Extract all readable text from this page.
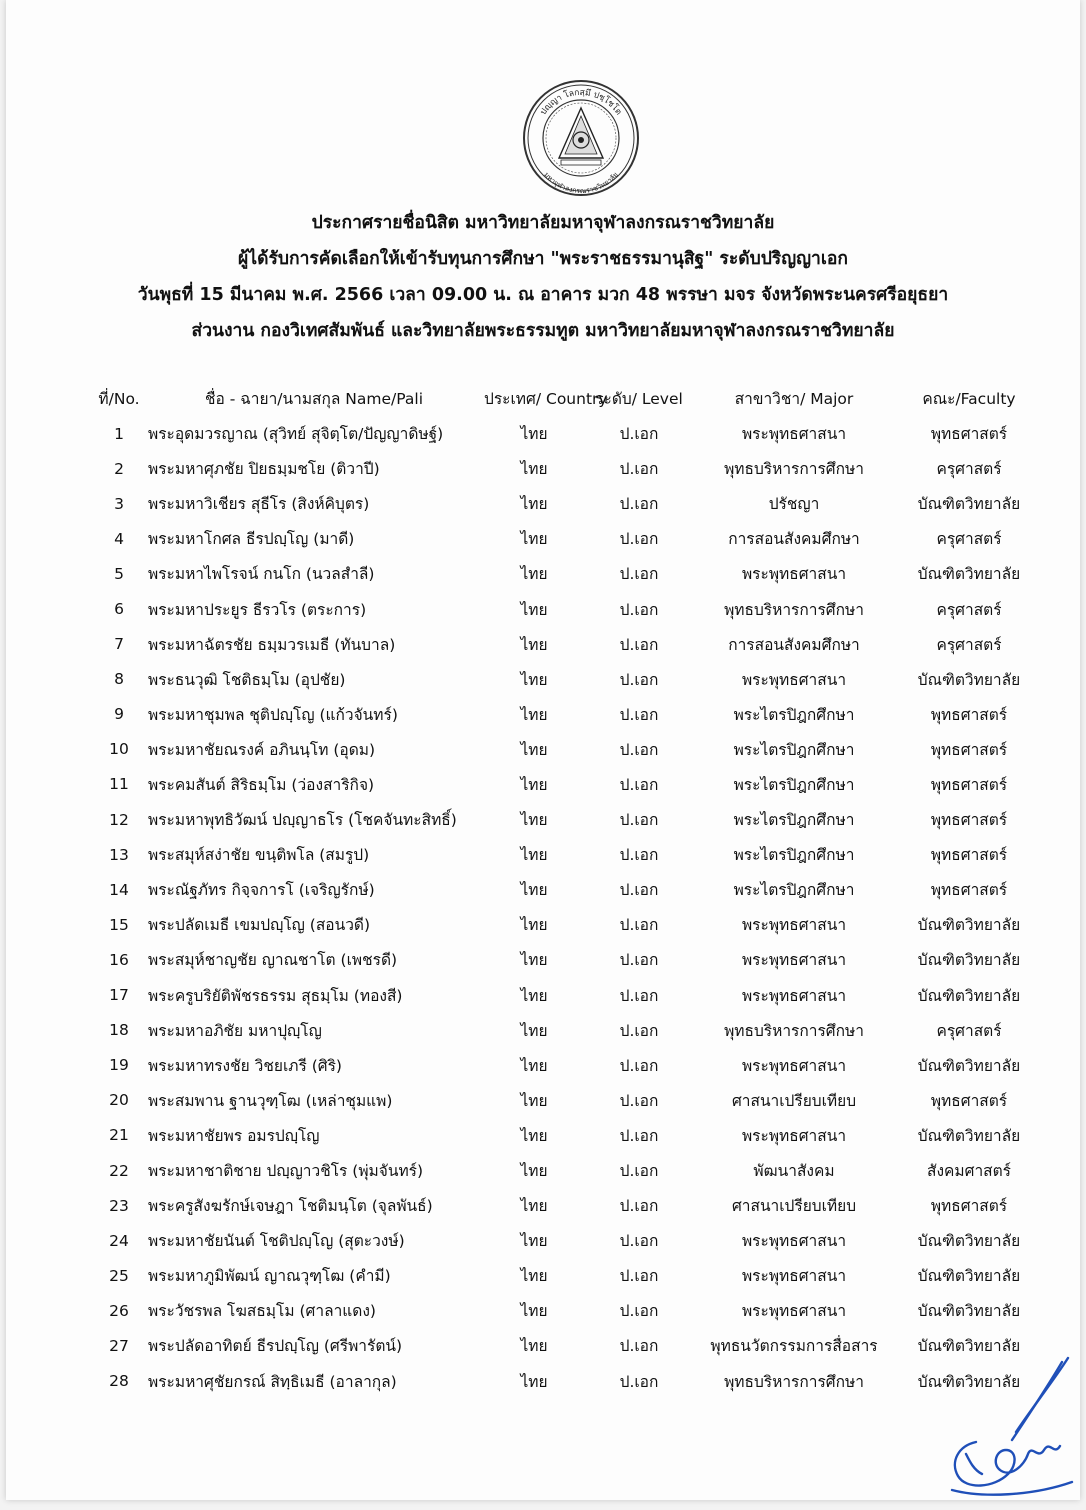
ปญฺญา โลกสฺมึ ปชฺโชโต
มหาจุฬาลงกรณราชวิทยาลัย
ประกาศรายชื่อนิสิต มหาวิทยาลัยมหาจุฬาลงกรณราชวิทยาลัย
ผู้ได้รับการคัดเลือกให้เข้ารับทุนการศึกษา "พระราชธรรมานุสิฐ" ระดับปริญญาเอก
วันพุธที่ 15 มีนาคม พ.ศ. 2566 เวลา 09.00 น. ณ อาคาร มวก 48 พรรษา มจร จังหวัดพระนครศรีอยุธยา
ส่วนงาน กองวิเทศสัมพันธ์ และวิทยาลัยพระธรรมทูต มหาวิทยาลัยมหาจุฬาลงกรณราชวิทยาลัย
ที่/No.	ชื่อ - ฉายา/นามสกุล Name/Pali	ประเทศ/ Country	ระดับ/ Level	สาขาวิชา/ Major	คณะ/Faculty
1	พระอุดมวรญาณ (สุวิทย์ สุจิตฺโต/ปัญญาดิษฐ์)	ไทย	ป.เอก	พระพุทธศาสนา	พุทธศาสตร์
2	พระมหาศุภชัย ปิยธมฺมชโย (ติวาปี)	ไทย	ป.เอก	พุทธบริหารการศึกษา	ครุศาสตร์
3	พระมหาวิเชียร สุธีโร (สิงห์คิบุตร)	ไทย	ป.เอก	ปรัชญา	บัณฑิตวิทยาลัย
4	พระมหาโกศล ธีรปญฺโญ (มาดี)	ไทย	ป.เอก	การสอนสังคมศึกษา	ครุศาสตร์
5	พระมหาไพโรจน์ กนโก (นวลสำลี)	ไทย	ป.เอก	พระพุทธศาสนา	บัณฑิตวิทยาลัย
6	พระมหาประยูร ธีรวโร (ตระการ)	ไทย	ป.เอก	พุทธบริหารการศึกษา	ครุศาสตร์
7	พระมหาฉัตรชัย ธมฺมวรเมธี (ทันบาล)	ไทย	ป.เอก	การสอนสังคมศึกษา	ครุศาสตร์
8	พระธนวุฒิ โชติธมฺโม (อุปชัย)	ไทย	ป.เอก	พระพุทธศาสนา	บัณฑิตวิทยาลัย
9	พระมหาชุมพล ชุติปญฺโญ (แก้วจันทร์)	ไทย	ป.เอก	พระไตรปิฎกศึกษา	พุทธศาสตร์
10	พระมหาชัยณรงค์ อภินนฺโท (อุดม)	ไทย	ป.เอก	พระไตรปิฎกศึกษา	พุทธศาสตร์
11	พระคมสันต์ สิริธมฺโม (ว่องสาริกิจ)	ไทย	ป.เอก	พระไตรปิฎกศึกษา	พุทธศาสตร์
12	พระมหาพุทธิวัฒน์ ปญฺญาธโร (โชคจันทะสิทธิ์)	ไทย	ป.เอก	พระไตรปิฎกศึกษา	พุทธศาสตร์
13	พระสมุห์สง่าชัย ขนฺติพโล (สมรูป)	ไทย	ป.เอก	พระไตรปิฎกศึกษา	พุทธศาสตร์
14	พระณัฐภัทร กิจฺจการโ (เจริญรักษ์)	ไทย	ป.เอก	พระไตรปิฎกศึกษา	พุทธศาสตร์
15	พระปลัดเมธี เขมปญฺโญ (สอนวดี)	ไทย	ป.เอก	พระพุทธศาสนา	บัณฑิตวิทยาลัย
16	พระสมุห์ชาญชัย ญาณชาโต (เพชรดี)	ไทย	ป.เอก	พระพุทธศาสนา	บัณฑิตวิทยาลัย
17	พระครูบริยัติพัชรธรรม สุธมฺโม (ทองสี)	ไทย	ป.เอก	พระพุทธศาสนา	บัณฑิตวิทยาลัย
18	พระมหาอภิชัย มหาปุญฺโญ	ไทย	ป.เอก	พุทธบริหารการศึกษา	ครุศาสตร์
19	พระมหาทรงชัย วิชยเภรี (ศิริ)	ไทย	ป.เอก	พระพุทธศาสนา	บัณฑิตวิทยาลัย
20	พระสมพาน ฐานวุฑฺโฒ (เหล่าชุมแพ)	ไทย	ป.เอก	ศาสนาเปรียบเทียบ	พุทธศาสตร์
21	พระมหาชัยพร อมรปญฺโญ	ไทย	ป.เอก	พระพุทธศาสนา	บัณฑิตวิทยาลัย
22	พระมหาชาติชาย ปญฺญาวชิโร (พุ่มจันทร์)	ไทย	ป.เอก	พัฒนาสังคม	สังคมศาสตร์
23	พระครูสังฆรักษ์เจษฎา โชติมนฺโต (จุลพันธ์)	ไทย	ป.เอก	ศาสนาเปรียบเทียบ	พุทธศาสตร์
24	พระมหาชัยนันต์ โชติปญฺโญ (สุตะวงษ์)	ไทย	ป.เอก	พระพุทธศาสนา	บัณฑิตวิทยาลัย
25	พระมหาภูมิพัฒน์ ญาณวุฑฺโฒ (คำมี)	ไทย	ป.เอก	พระพุทธศาสนา	บัณฑิตวิทยาลัย
26	พระวัชรพล โฆสธมฺโม (ศาลาแดง)	ไทย	ป.เอก	พระพุทธศาสนา	บัณฑิตวิทยาลัย
27	พระปลัดอาทิตย์ ธีรปญฺโญ (ศรีพารัตน์)	ไทย	ป.เอก	พุทธนวัตกรรมการสื่อสาร	บัณฑิตวิทยาลัย
28	พระมหาศุชัยกรณ์ สิทฺธิเมธี (อาลากุล)	ไทย	ป.เอก	พุทธบริหารการศึกษา	บัณฑิตวิทยาลัย
